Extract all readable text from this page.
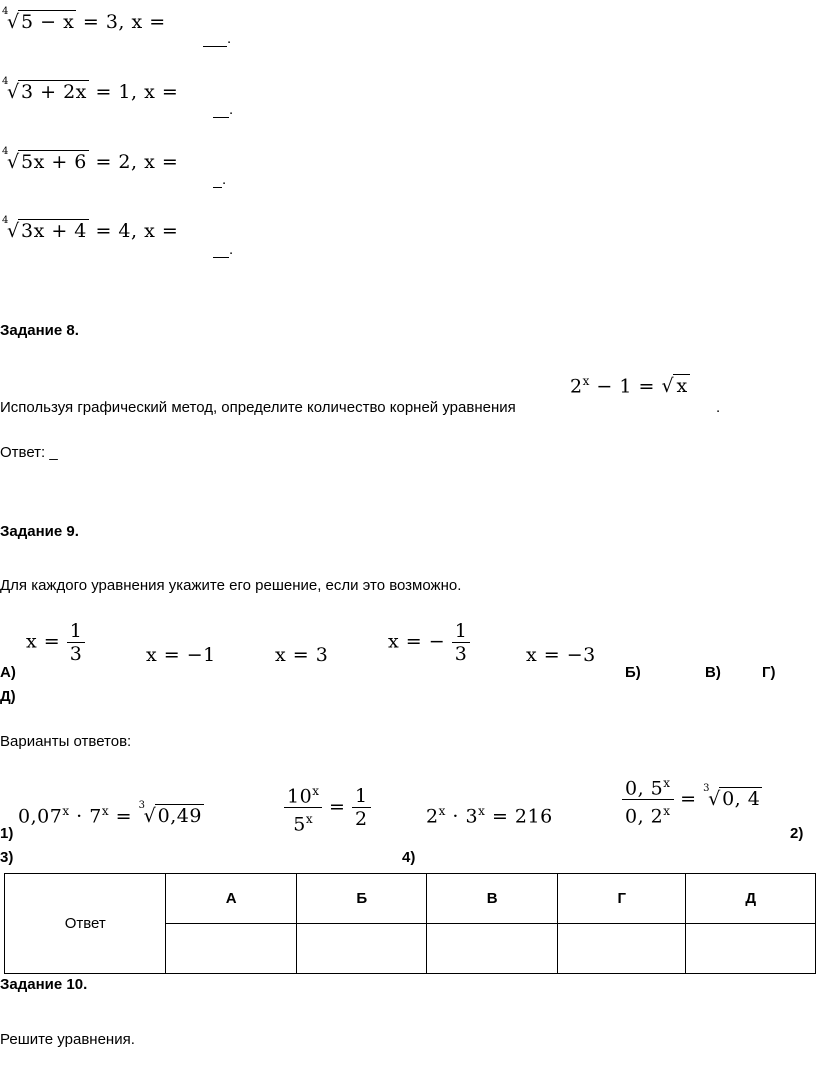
4
√ 5 − x = 3, x =
.
4
√ 3 + 2x = 1, x =
.
4
√ 5x + 6 = 2, x =
.
4
√ 3x + 4 = 4, x =
.
Задание 8.
$2^x - 1$ = √ x
Используя графический метод, определите количество корней уравнения	.
Ответ: _
Задание 9.
Для каждого уравнения укажите его решение, если это возможно.
$x = \frac{1}{3}$	x = −1	x = 3
x = − $\frac{1}{3}$	x = −3
А)	Б)	В)	Г)
Д)
Варианты ответов:
$0,07^x \cdot 7^x = 3$
√ 0,49	$\frac{10^x}{5^x} = \frac{1}{2}$	$2^x \cdot 3^x = 216$	$\frac{0, 5^x}{0, 2^x} = 3$
√ 0, 4
1)	2)
3)	4)
Ответ	А	Б	В	Г	Д

Задание 10.
Решите уравнения.
